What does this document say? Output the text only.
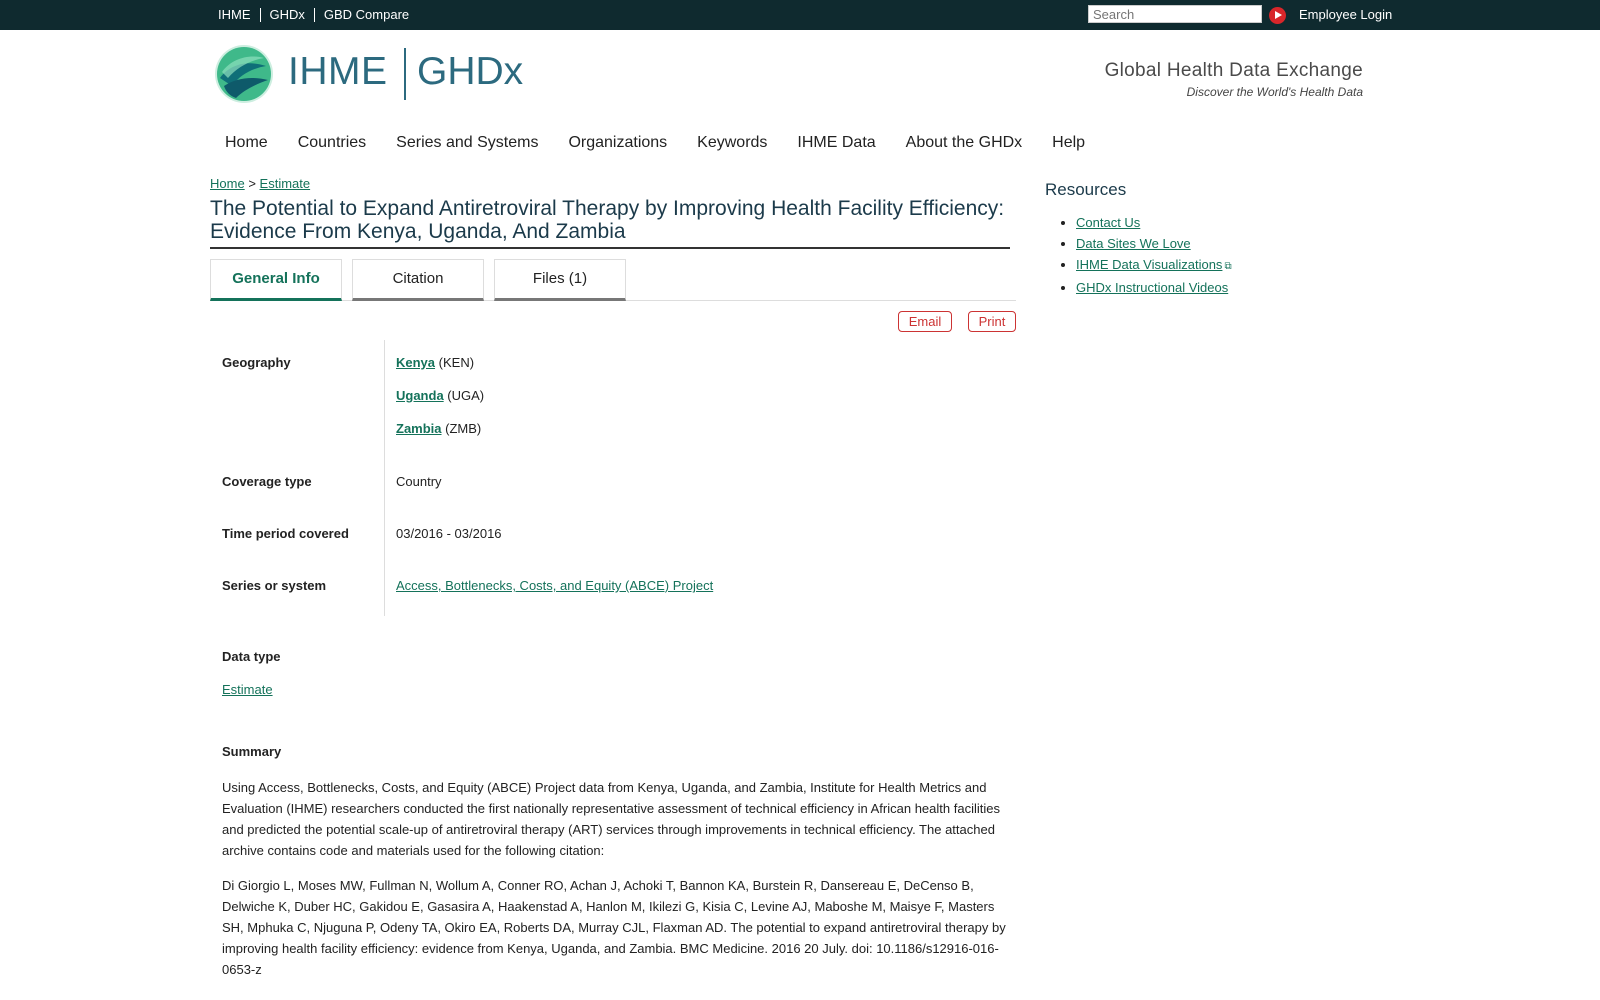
IHME	GHDx	GBD Compare
Search	Employee Login
IHME GHDx	Global Health Data Exchange
Discover the World's Health Data
Home Countries Series and Systems Organizations Keywords IHME Data About the GHDx Help
Home > Estimate
The Potential to Expand Antiretroviral Therapy by Improving Health Facility Efficiency: Evidence From Kenya, Uganda, And Zambia
General Info	Citation	Files (1)
Email	Print
Geography	Kenya (KEN)
Uganda (UGA)
Zambia (ZMB)
Coverage type	Country
Time period covered	03/2016 - 03/2016
Series or system	Access, Bottlenecks, Costs, and Equity (ABCE) Project
Data type
Estimate
Summary

Using Access, Bottlenecks, Costs, and Equity (ABCE) Project data from Kenya, Uganda, and Zambia, Institute for Health Metrics and Evaluation (IHME) researchers conducted the first nationally representative assessment of technical efficiency in African health facilities and predicted the potential scale-up of antiretroviral therapy (ART) services through improvements in technical efficiency. The attached archive contains code and materials used for the following citation:

Di Giorgio L, Moses MW, Fullman N, Wollum A, Conner RO, Achan J, Achoki T, Bannon KA, Burstein R, Dansereau E, DeCenso B, Delwiche K, Duber HC, Gakidou E, Gasasira A, Haakenstad A, Hanlon M, Ikilezi G, Kisia C, Levine AJ, Maboshe M, Maisye F, Masters SH, Mphuka C, Njuguna P, Odeny TA, Okiro EA, Roberts DA, Murray CJL, Flaxman AD. The potential to expand antiretroviral therapy by improving health facility efficiency: evidence from Kenya, Uganda, and Zambia. BMC Medicine. 2016 20 July. doi: 10.1186/s12916-016-0653-z

Resources
• Contact Us
• Data Sites We Love
• IHME Data Visualizations ⧉
• GHDx Instructional Videos
